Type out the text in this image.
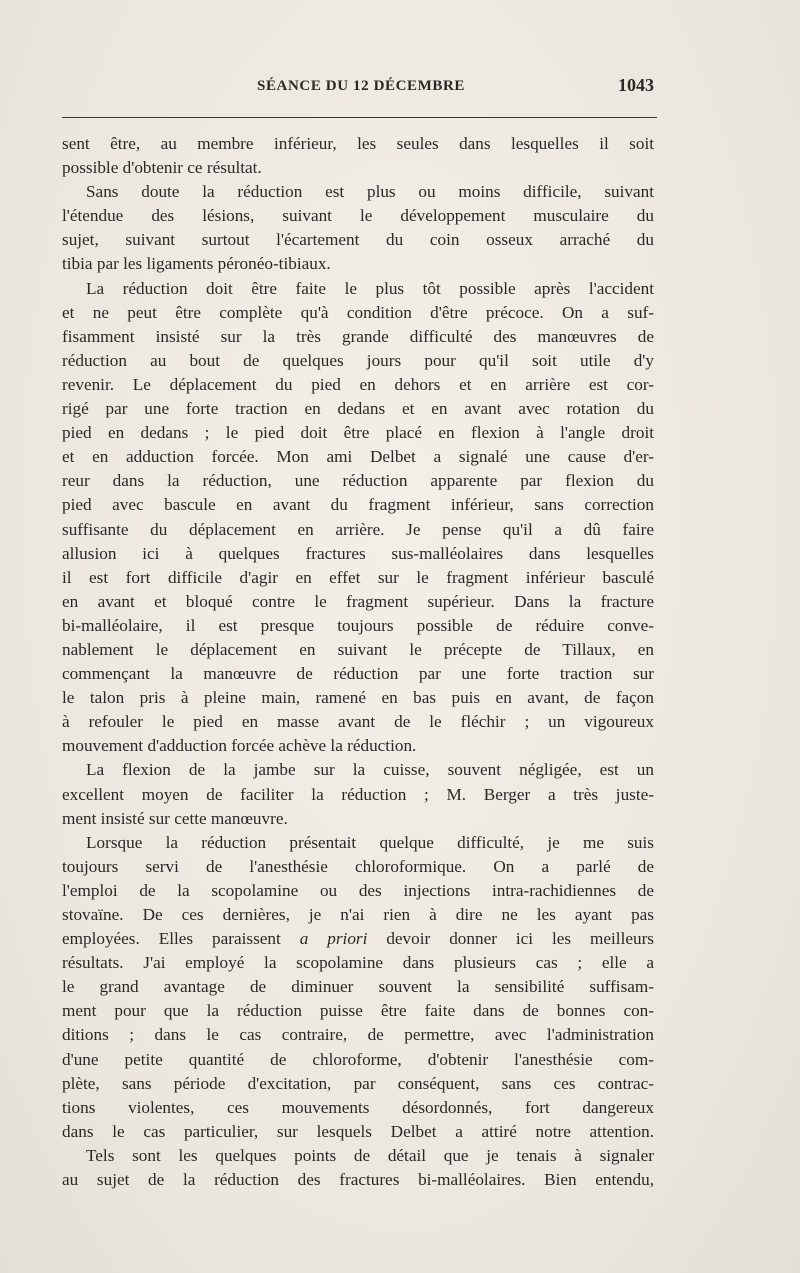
SÉANCE DU 12 DÉCEMBRE	1043
sent être, au membre inférieur, les seules dans lesquelles il soit
possible d'obtenir ce résultat.
Sans doute la réduction est plus ou moins difficile, suivant
l'étendue des lésions, suivant le développement musculaire du
sujet, suivant surtout l'écartement du coin osseux arraché du
tibia par les ligaments péronéo-tibiaux.
La réduction doit être faite le plus tôt possible après l'accident
et ne peut être complète qu'à condition d'être précoce. On a suf-
fisamment insisté sur la très grande difficulté des manœuvres de
réduction au bout de quelques jours pour qu'il soit utile d'y
revenir. Le déplacement du pied en dehors et en arrière est cor-
rigé par une forte traction en dedans et en avant avec rotation du
pied en dedans ; le pied doit être placé en flexion à l'angle droit
et en adduction forcée. Mon ami Delbet a signalé une cause d'er-
reur dans la réduction, une réduction apparente par flexion du
pied avec bascule en avant du fragment inférieur, sans correction
suffisante du déplacement en arrière. Je pense qu'il a dû faire
allusion ici à quelques fractures sus-malléolaires dans lesquelles
il est fort difficile d'agir en effet sur le fragment inférieur basculé
en avant et bloqué contre le fragment supérieur. Dans la fracture
bi-malléolaire, il est presque toujours possible de réduire conve-
nablement le déplacement en suivant le précepte de Tillaux, en
commençant la manœuvre de réduction par une forte traction sur
le talon pris à pleine main, ramené en bas puis en avant, de façon
à refouler le pied en masse avant de le fléchir ; un vigoureux
mouvement d'adduction forcée achève la réduction.
La flexion de la jambe sur la cuisse, souvent négligée, est un
excellent moyen de faciliter la réduction ; M. Berger a très juste-
ment insisté sur cette manœuvre.
Lorsque la réduction présentait quelque difficulté, je me suis
toujours servi de l'anesthésie chloroformique. On a parlé de
l'emploi de la scopolamine ou des injections intra-rachidiennes de
stovaïne. De ces dernières, je n'ai rien à dire ne les ayant pas
employées. Elles paraissent a priori devoir donner ici les meilleurs
résultats. J'ai employé la scopolamine dans plusieurs cas ; elle a
le grand avantage de diminuer souvent la sensibilité suffisam-
ment pour que la réduction puisse être faite dans de bonnes con-
ditions ; dans le cas contraire, de permettre, avec l'administration
d'une petite quantité de chloroforme, d'obtenir l'anesthésie com-
plète, sans période d'excitation, par conséquent, sans ces contrac-
tions violentes, ces mouvements désordonnés, fort dangereux
dans le cas particulier, sur lesquels Delbet a attiré notre attention.
Tels sont les quelques points de détail que je tenais à signaler
au sujet de la réduction des fractures bi-malléolaires. Bien entendu,
